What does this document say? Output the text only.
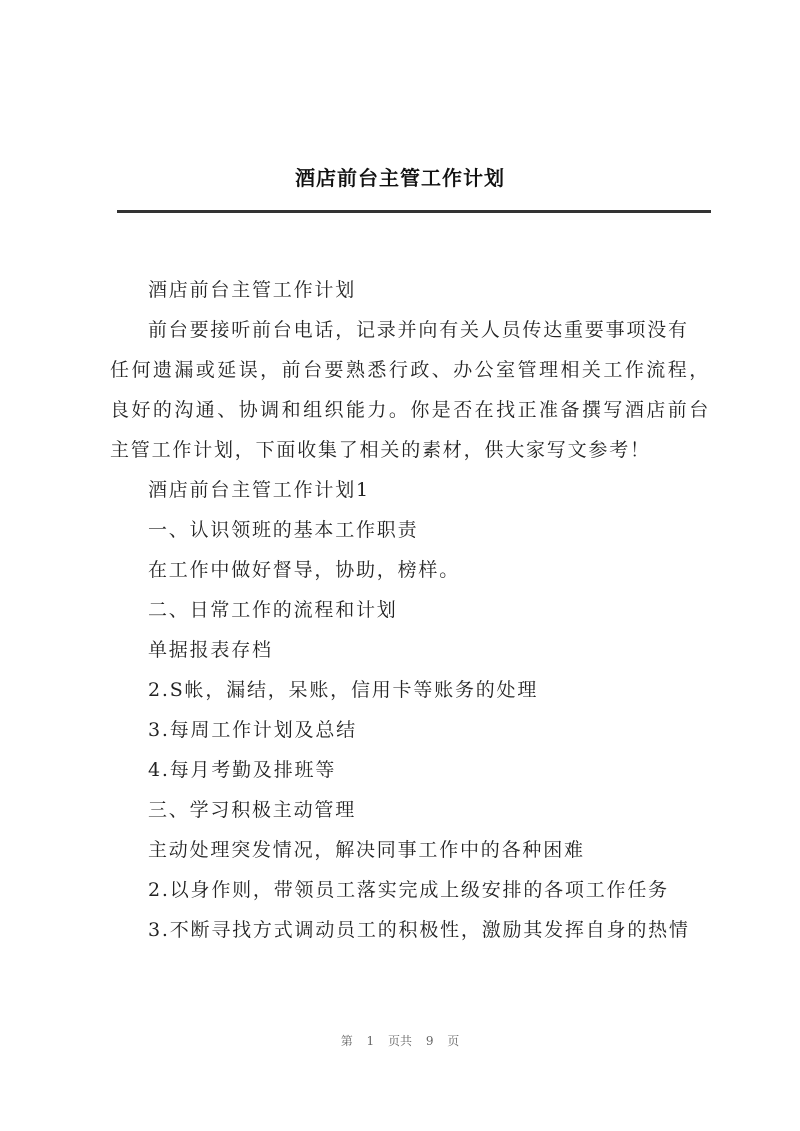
酒店前台主管工作计划
酒店前台主管工作计划
前台要接听前台电话，记录并向有关人员传达重要事项没有
任何遗漏或延误，前台要熟悉行政、办公室管理相关工作流程，
良好的沟通、协调和组织能力。你是否在找正准备撰写酒店前台
主管工作计划，下面收集了相关的素材，供大家写文参考！
酒店前台主管工作计划1
一、认识领班的基本工作职责
在工作中做好督导，协助，榜样。
二、日常工作的流程和计划
单据报表存档
2.S帐，漏结，呆账，信用卡等账务的处理
3.每周工作计划及总结
4.每月考勤及排班等
三、学习积极主动管理
主动处理突发情况，解决同事工作中的各种困难
2.以身作则，带领员工落实完成上级安排的各项工作任务
3.不断寻找方式调动员工的积极性，激励其发挥自身的热情
第 1 页共 9 页
